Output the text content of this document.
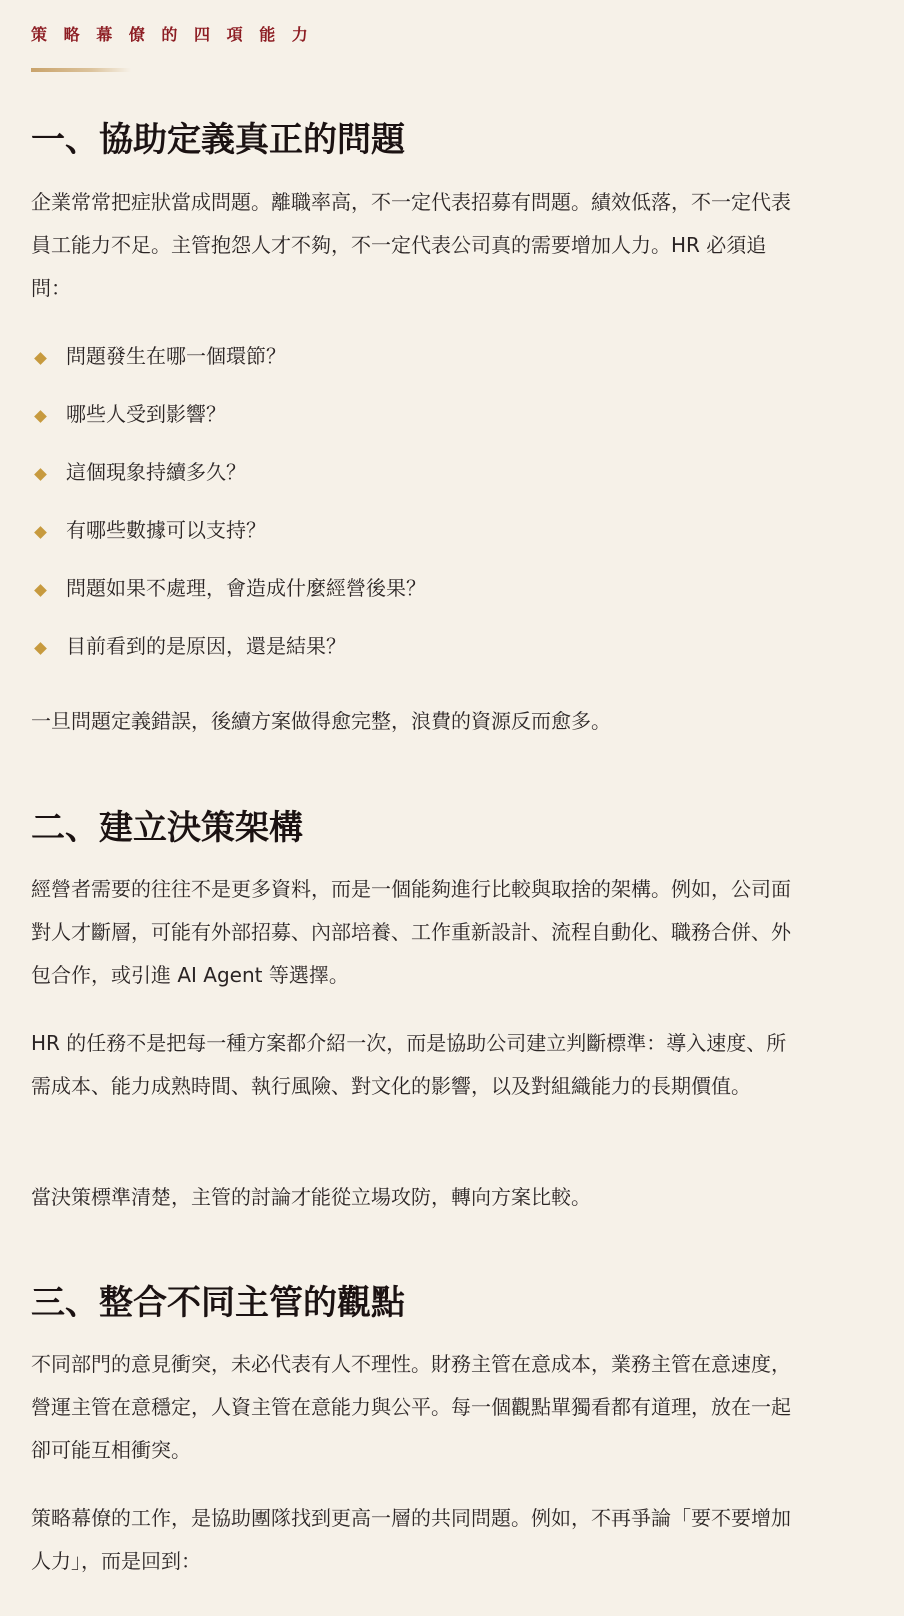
策略幕僚的四項能力
一、協助定義真正的問題

企業常常把症狀當成問題。離職率高，不一定代表招募有問題。績效低落，不一定代表員工能力不足。主管抱怨人才不夠，不一定代表公司真的需要增加人力。HR 必須追問：

問題發生在哪一個環節？
哪些人受到影響？
這個現象持續多久？
有哪些數據可以支持？
問題如果不處理，會造成什麼經營後果？
目前看到的是原因，還是結果？

一旦問題定義錯誤，後續方案做得愈完整，浪費的資源反而愈多。

二、建立決策架構

經營者需要的往往不是更多資料，而是一個能夠進行比較與取捨的架構。例如，公司面對人才斷層，可能有外部招募、內部培養、工作重新設計、流程自動化、職務合併、外包合作，或引進 AI Agent 等選擇。

HR 的任務不是把每一種方案都介紹一次，而是協助公司建立判斷標準：導入速度、所需成本、能力成熟時間、執行風險、對文化的影響，以及對組織能力的長期價值。

當決策標準清楚，主管的討論才能從立場攻防，轉向方案比較。

三、整合不同主管的觀點

不同部門的意見衝突，未必代表有人不理性。財務主管在意成本，業務主管在意速度，營運主管在意穩定，人資主管在意能力與公平。每一個觀點單獨看都有道理，放在一起卻可能互相衝突。

策略幕僚的工作，是協助團隊找到更高一層的共同問題。例如，不再爭論「要不要增加人力」，而是回到：
